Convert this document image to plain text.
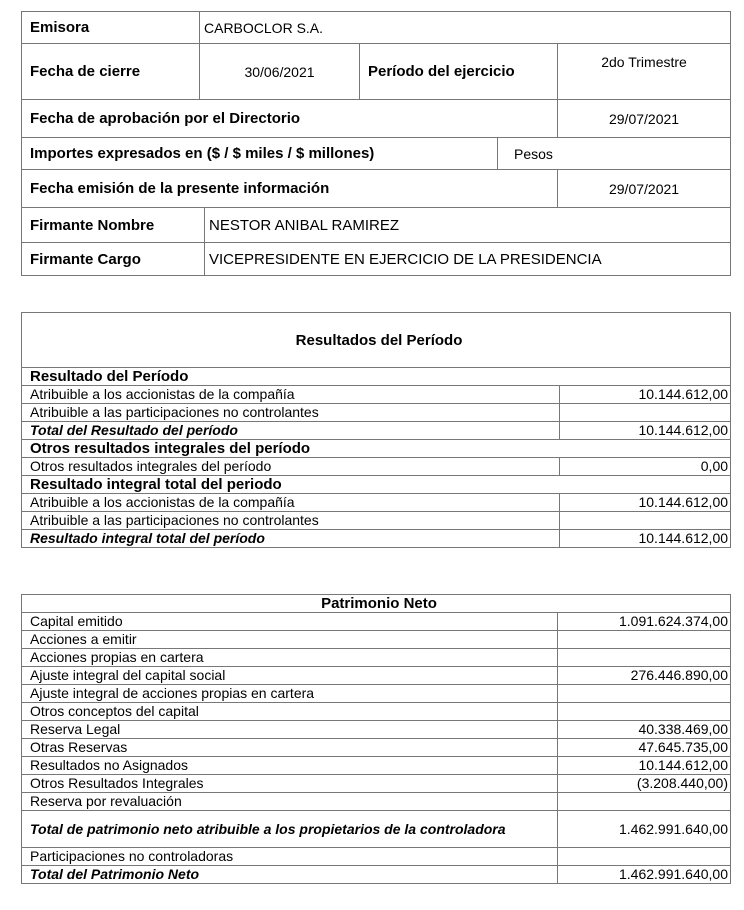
Emisora	CARBOCLOR S.A.				
Fecha de cierre	30/06/2021		Período del ejercicio		2do Trimestre
Fecha de aprobación por el Directorio					29/07/2021
Importes expresados en ($ / $ miles / $ millones)				Pesos	
Fecha emisión de la presente información					29/07/2021
Firmante Nombre		NESTOR ANIBAL RAMIREZ			
Firmante Cargo		VICEPRESIDENTE EN EJERCICIO DE LA PRESIDENCIA			
Resultados del Período	
Resultado del Período	
Atribuible a los accionistas de la compañía	10.144.612,00
Atribuible a las participaciones no controlantes	
Total del Resultado del período	10.144.612,00
Otros resultados integrales del período	
Otros resultados integrales del período	0,00
Resultado integral total del periodo	
Atribuible a los accionistas de la compañía	10.144.612,00
Atribuible a las participaciones no controlantes	
Resultado integral total del período	10.144.612,00
Patrimonio Neto	
Capital emitido	1.091.624.374,00
Acciones a emitir	
Acciones propias en cartera	
Ajuste integral del capital social	276.446.890,00
Ajuste integral de acciones propias en cartera	
Otros conceptos del capital	
Reserva Legal	40.338.469,00
Otras Reservas	47.645.735,00
Resultados no Asignados	10.144.612,00
Otros Resultados Integrales	(3.208.440,00)
Reserva por revaluación	
Total de patrimonio neto atribuible a los propietarios de la controladora	1.462.991.640,00
Participaciones no controladoras	
Total del Patrimonio Neto	1.462.991.640,00
